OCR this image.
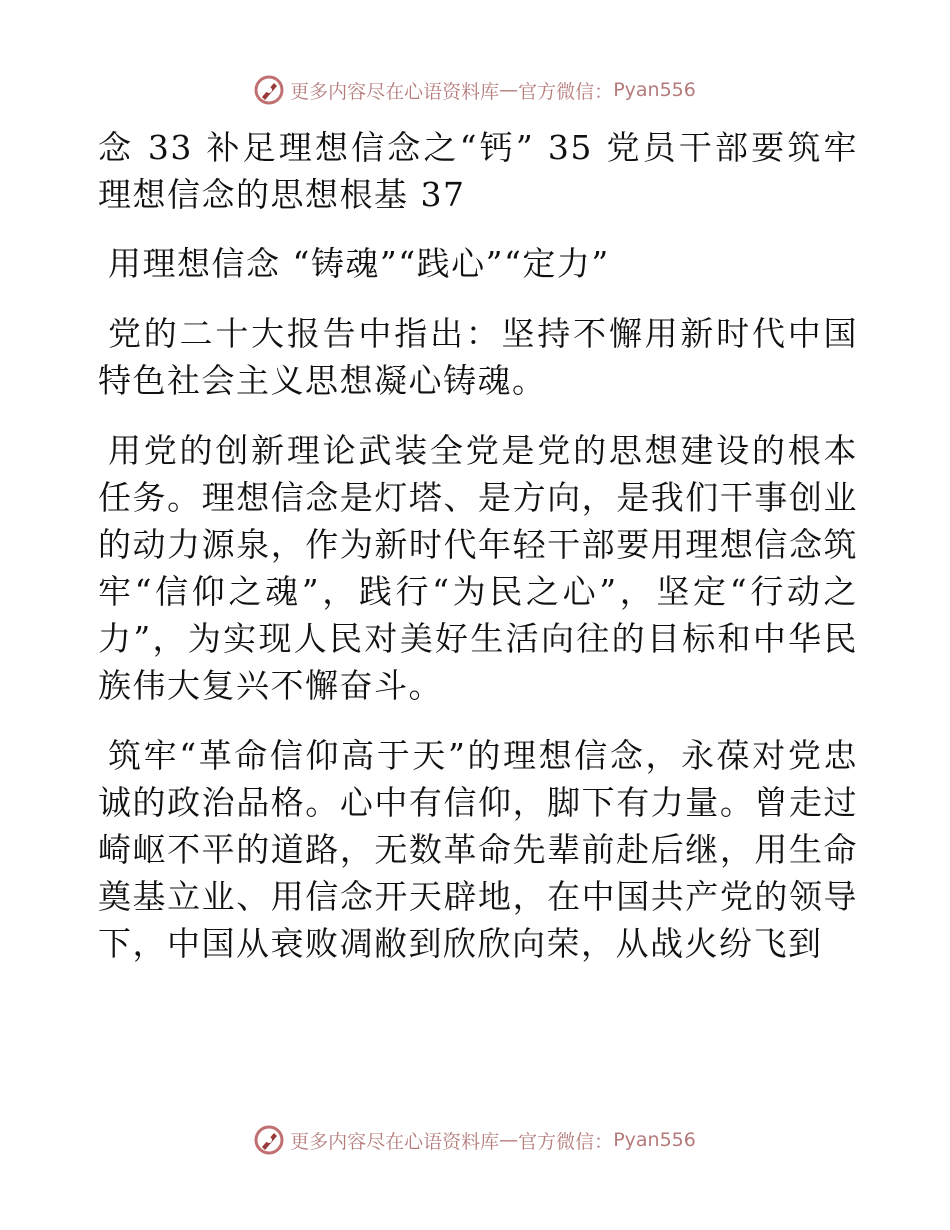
更多内容尽在心语资料库 — 官方微信： Pyan556

念 33 补足理想信念之“钙” 35 党员干部要筑牢理想信念的思想根基 37

用理想信念 “铸魂”“践心”“定力”

党的二十大报告中指出：坚持不懈用新时代中国特色社会主义思想凝心铸魂。

用党的创新理论武装全党是党的思想建设的根本任务。理想信念是灯塔、是方向，是我们干事创业的动力源泉，作为新时代年轻干部要用理想信念筑牢“信仰之魂”，践行“为民之心”，坚定“行动之力”，为实现人民对美好生活向往的目标和中华民族伟大复兴不懈奋斗。

筑牢“革命信仰高于天”的理想信念，永葆对党忠诚的政治品格。心中有信仰，脚下有力量。曾走过崎岖不平的道路，无数革命先辈前赴后继，用生命奠基立业、用信念开天辟地，在中国共产党的领导下，中国从衰败凋敝到欣欣向荣，从战火纷飞到

更多内容尽在心语资料库 — 官方微信： Pyan556
